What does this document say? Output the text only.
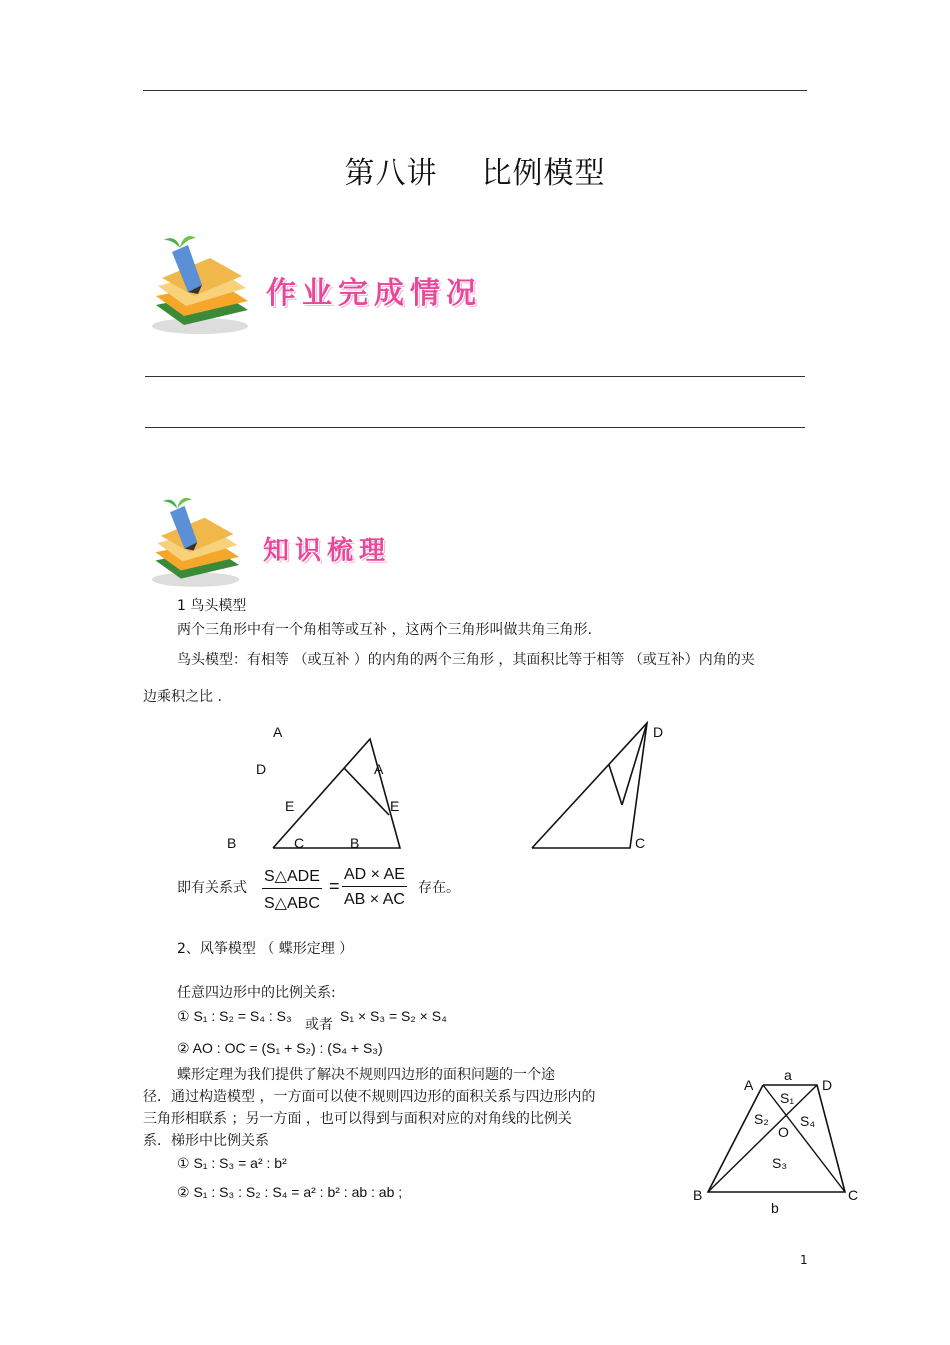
第八讲 比例模型
作业完成情况
知识梳理
1 鸟头模型
两个三角形中有一个角相等或互补 ，这两个三角形叫做共角三角形.
鸟头模型：有相等 （或互补 ）的内角的两个三角形 ，其面积比等于相等 （或互补）内角的夹
边乘积之比 .
A
D
E
B	C
A
E
B
D
C
即有关系式
S△ADE
S△ABC
= $\frac{AD \times AE}{AB \times AC}$ 存在。
2、风筝模型 （ 蝶形定理 ）
任意四边形中的比例关系:
① S₁ : S₂ = S₄ : S₃
或者
S₁ × S₃ = S₂ × S₄
② AO : OC = (S₁ + S₂) : (S₄ + S₃)
蝶形定理为我们提供了解决不规则四边形的面积问题的一个途
径．通过构造模型 ，一方面可以使不规则四边形的面积关系与四边形内的
三角形相联系 ；另一方面 ，也可以得到与面积对应的对角线的比例关
系．梯形中比例关系
① S₁ : S₃ = a² : b²
② S₁ : S₃ : S₂ : S₄ = a² : b² : ab : ab ;
a
A	D
S₁
S₂ S₄
O
S₃
B	C
b
1
